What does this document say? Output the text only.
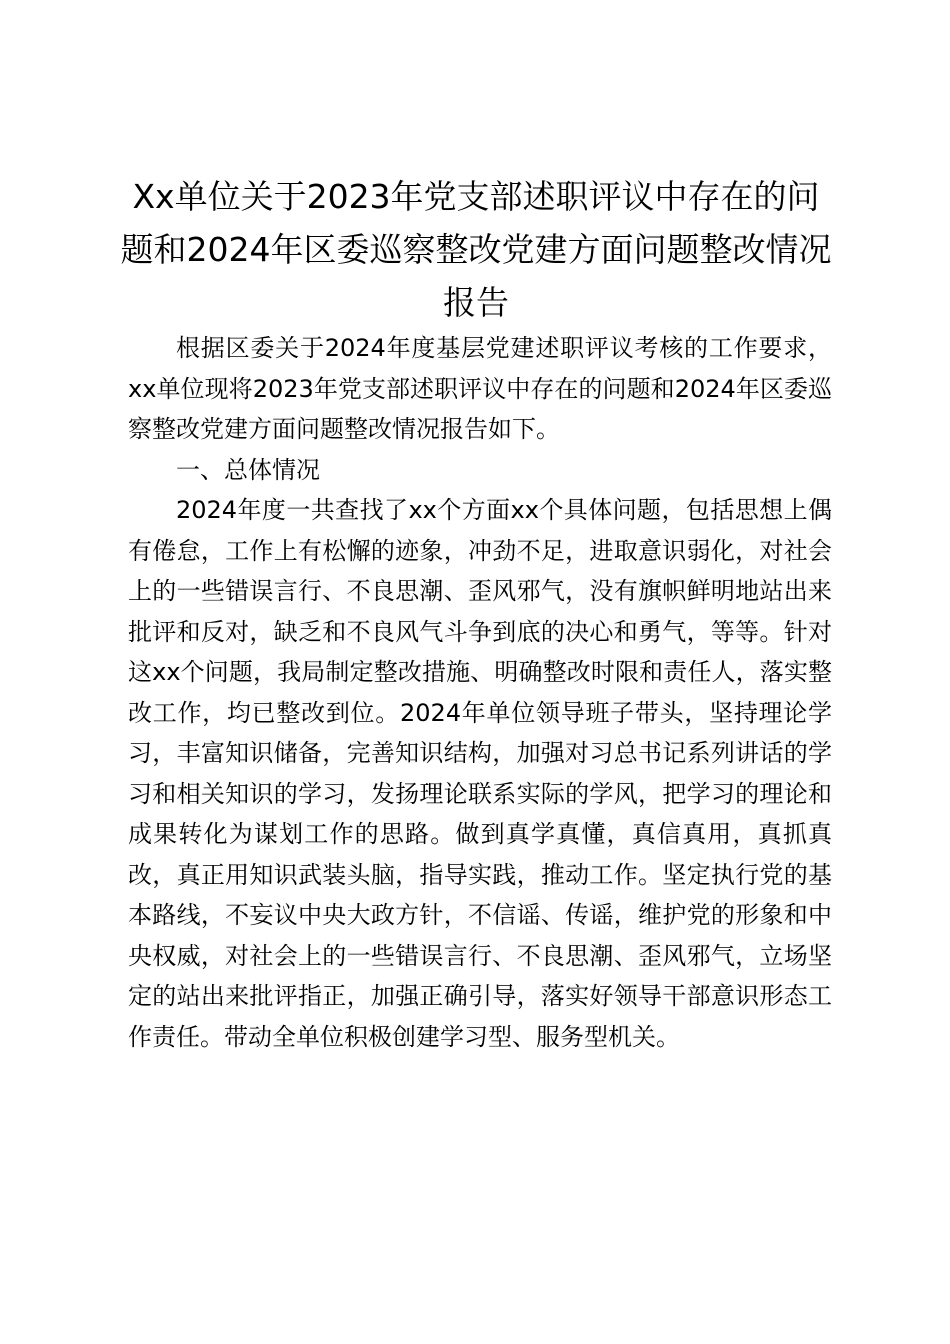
Xx单位关于2023年党支部述职评议中存在的问题和2024年区委巡察整改党建方面问题整改情况报告

根据区委关于2024年度基层党建述职评议考核的工作要求，xx单位现将2023年党支部述职评议中存在的问题和2024年区委巡察整改党建方面问题整改情况报告如下。

一、总体情况

2024年度一共查找了xx个方面xx个具体问题，包括思想上偶有倦怠，工作上有松懈的迹象，冲劲不足，进取意识弱化，对社会上的一些错误言行、不良思潮、歪风邪气，没有旗帜鲜明地站出来批评和反对，缺乏和不良风气斗争到底的决心和勇气，等等。针对这xx个问题，我局制定整改措施、明确整改时限和责任人，落实整改工作，均已整改到位。2024年单位领导班子带头，坚持理论学习，丰富知识储备，完善知识结构，加强对习总书记系列讲话的学习和相关知识的学习，发扬理论联系实际的学风，把学习的理论和成果转化为谋划工作的思路。做到真学真懂，真信真用，真抓真改，真正用知识武装头脑，指导实践，推动工作。坚定执行党的基本路线，不妄议中央大政方针，不信谣、传谣，维护党的形象和中央权威，对社会上的一些错误言行、不良思潮、歪风邪气，立场坚定的站出来批评指正，加强正确引导，落实好领导干部意识形态工作责任。带动全单位积极创建学习型、服务型机关。
